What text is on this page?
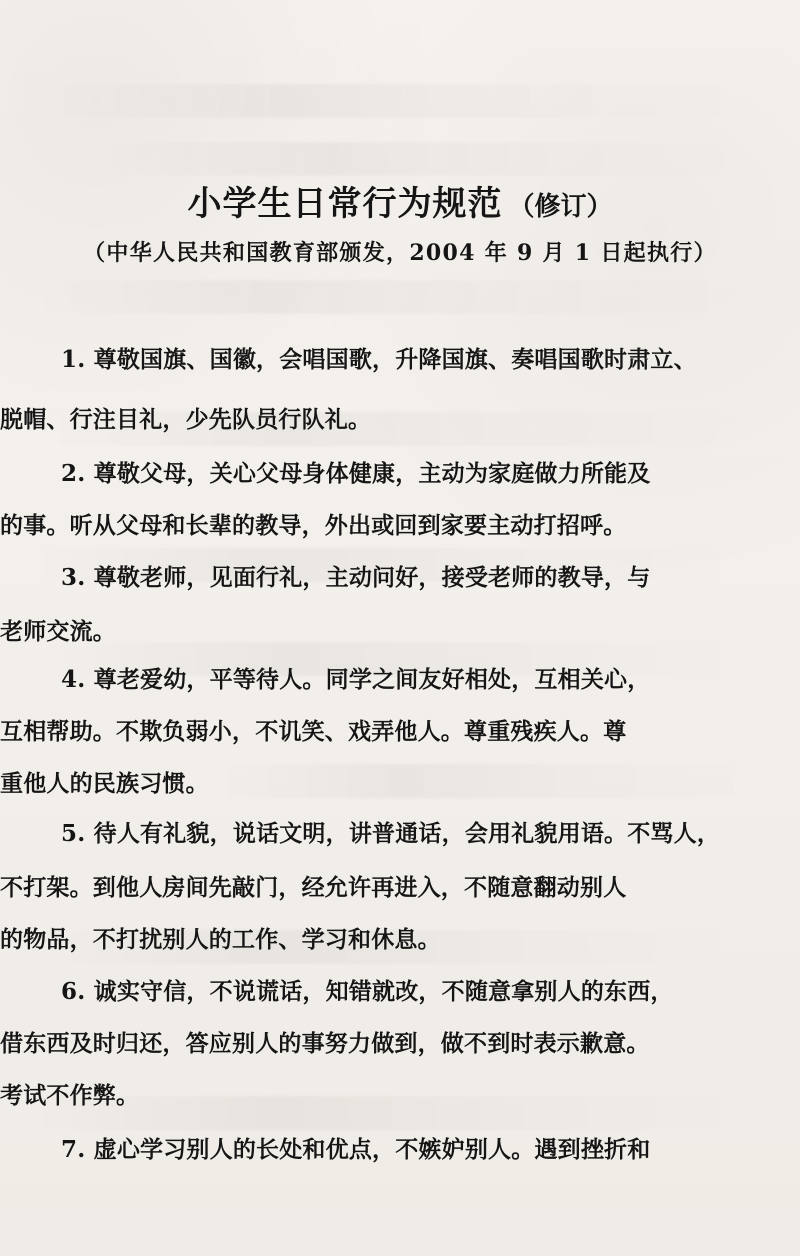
小学生日常行为规范 （修订）
（中华人民共和国教育部颁发，2004 年 9 月 1 日起执行）
1. 尊敬国旗、国徽，会唱国歌，升降国旗、奏唱国歌时肃立、
脱帽、行注目礼，少先队员行队礼。
2. 尊敬父母，关心父母身体健康，主动为家庭做力所能及
的事。听从父母和长辈的教导，外出或回到家要主动打招呼。
3. 尊敬老师，见面行礼，主动问好，接受老师的教导，与
老师交流。
4. 尊老爱幼，平等待人。同学之间友好相处，互相关心，
互相帮助。不欺负弱小，不讥笑、戏弄他人。尊重残疾人。尊
重他人的民族习惯。
5. 待人有礼貌，说话文明，讲普通话，会用礼貌用语。不骂人，
不打架。到他人房间先敲门，经允许再进入，不随意翻动别人
的物品，不打扰别人的工作、学习和休息。
6. 诚实守信，不说谎话，知错就改，不随意拿别人的东西，
借东西及时归还，答应别人的事努力做到，做不到时表示歉意。
考试不作弊。
7. 虚心学习别人的长处和优点，不嫉妒别人。遇到挫折和
